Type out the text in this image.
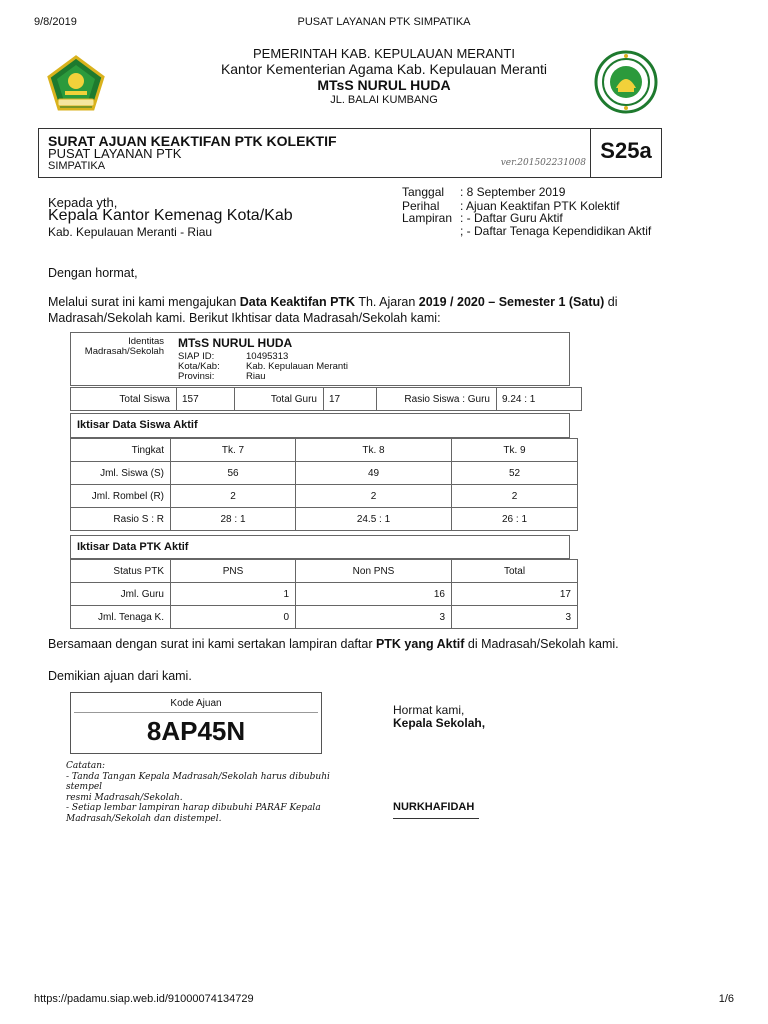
9/8/2019	PUSAT LAYANAN PTK SIMPATIKA
https://padamu.siap.web.id/91000074134729	1/6
PEMERINTAH KAB. KEPULAUAN MERANTI
Kantor Kementerian Agama Kab. Kepulauan Meranti
MTsS NURUL HUDA
JL. BALAI KUMBANG
SURAT AJUAN KEAKTIFAN PTK KOLEKTIF
PUSAT LAYANAN PTK
SIMPATIKA	ver.201502231008 S25a
Kepada yth,
Kepala Kantor Kemenag Kota/Kab
Kab. Kepulauan Meranti - Riau
Tanggal : 8 September 2019
Perihal : Ajuan Keaktifan PTK Kolektif
Lampiran : - Daftar Guru Aktif
; - Daftar Tenaga Kependidikan Aktif
Dengan hormat,
Melalui surat ini kami mengajukan Data Keaktifan PTK Th. Ajaran 2019 / 2020 – Semester 1 (Satu) di
Madrasah/Sekolah kami. Berikut Ikhtisar data Madrasah/Sekolah kami:
Identitas
Madrasah/Sekolah
MTsS NURUL HUDA
SIAP ID:	10495313
Kota/Kab:	Kab. Kepulauan Meranti
Provinsi:	Riau
Total Siswa	157	Total Guru	17	Rasio Siswa : Guru	9.24 : 1
Iktisar Data Siswa Aktif
Tingkat	Tk. 7	Tk. 8	Tk. 9
Jml. Siswa (S)	56	49	52
Jml. Rombel (R)	2	2	2
Rasio S : R	28 : 1	24.5 : 1	26 : 1
Iktisar Data PTK Aktif
Status PTK	PNS	Non PNS	Total
Jml. Guru	1	16	17
Jml. Tenaga K.	0	3	3
Bersamaan dengan surat ini kami sertakan lampiran daftar PTK yang Aktif di Madrasah/Sekolah kami.
Demikian ajuan dari kami.
Kode Ajuan
8AP45N
Catatan:
- Tanda Tangan Kepala Madrasah/Sekolah harus dibubuhi stempel
resmi Madrasah/Sekolah.
- Setiap lembar lampiran harap dibubuhi PARAF Kepala
Madrasah/Sekolah dan distempel.
Hormat kami,
Kepala Sekolah,
NURKHAFIDAH
